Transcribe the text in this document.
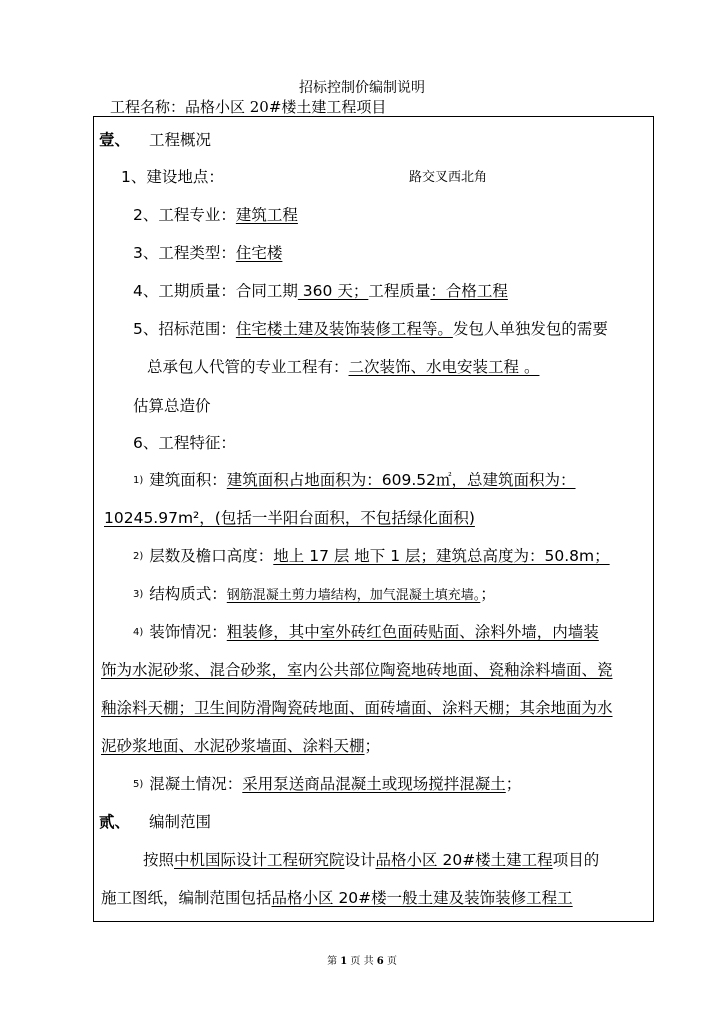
招标控制价编制说明
工程名称：品格小区 20#楼土建工程项目
壹、 工程概况
1、建设地点：	路交叉西北角
2、工程专业：建筑工程
3、工程类型：住宅楼
4、工期质量：合同工期 360 天；工程质量：合格工程
5、招标范围：住宅楼土建及装饰装修工程等。发包人单独发包的需要
总承包人代管的专业工程有：二次装饰、水电安装工程 。
估算总造价
6、工程特征：
1) 建筑面积：建筑面积占地面积为：609.52㎡，总建筑面积为：
10245.97m²，(包括一半阳台面积，不包括绿化面积)
2) 层数及檐口高度：地上 17 层 地下 1 层；建筑总高度为：50.8m；
3) 结构质式：钢筋混凝土剪力墙结构，加气混凝土填充墙。；
4) 装饰情况：粗装修，其中室外砖红色面砖贴面、涂料外墙，内墙装
饰为水泥砂浆、混合砂浆，室内公共部位陶瓷地砖地面、瓷釉涂料墙面、瓷
釉涂料天棚；卫生间防滑陶瓷砖地面、面砖墙面、涂料天棚；其余地面为水
泥砂浆地面、水泥砂浆墙面、涂料天棚；
5) 混凝土情况：采用泵送商品混凝土或现场搅拌混凝土；
贰、 编制范围
按照中机国际设计工程研究院设计品格小区 20#楼土建工程项目的
施工图纸，编制范围包括品格小区 20#楼一般土建及装饰装修工程工
第 1 页 共 6 页
